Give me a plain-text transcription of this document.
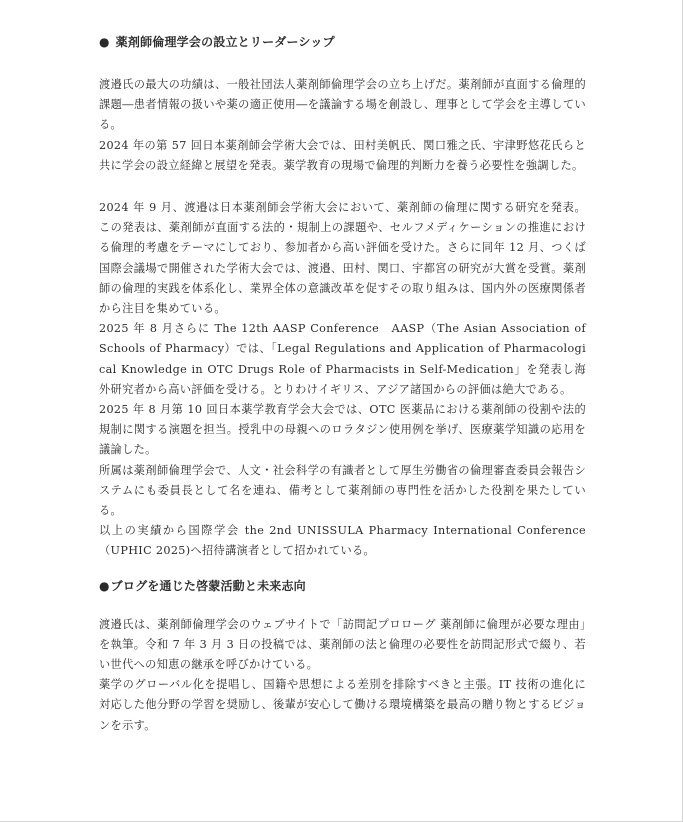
● 薬剤師倫理学会の設立とリーダーシップ

渡邉氏の最大の功績は、一般社団法人薬剤師倫理学会の立ち上げだ。薬剤師が直面する倫理的課題―患者情報の扱いや薬の適正使用―を議論する場を創設し、理事として学会を主導している。

2024 年の第 57 回日本薬剤師会学術大会では、田村美帆氏、関口雅之氏、宇津野悠花氏らと共に学会の設立経緯と展望を発表。薬学教育の現場で倫理的判断力を養う必要性を強調した。

2024 年 9 月、渡邉は日本薬剤師会学術大会において、薬剤師の倫理に関する研究を発表。この発表は、薬剤師が直面する法的・規制上の課題や、セルフメディケーションの推進における倫理的考慮をテーマにしており、参加者から高い評価を受けた。さらに同年 12 月、つくば国際会議場で開催された学術大会では、渡邉、田村、関口、宇都宮の研究が大賞を受賞。薬剤師の倫理的実践を体系化し、業界全体の意識改革を促すその取り組みは、国内外の医療関係者から注目を集めている。

2025 年 8 月さらに The 12th AASP Conference　AASP（The Asian Association of Schools of Pharmacy）では、「Legal Regulations and Application of Pharmacological Knowledge in OTC Drugs Role of Pharmacists in Self-Medication」を発表し海外研究者から高い評価を受ける。とりわけイギリス、アジア諸国からの評価は絶大である。

2025 年 8 月第 10 回日本薬学教育学会大会では、OTC 医薬品における薬剤師の役割や法的規制に関する演題を担当。授乳中の母親へのロラタジン使用例を挙げ、医療薬学知識の応用を議論した。

所属は薬剤師倫理学会で、人文・社会科学の有識者として厚生労働省の倫理審査委員会報告システムにも委員長として名を連ね、備考として薬剤師の専門性を活かした役割を果たしている。

以上の実績から国際学会 the 2nd UNISSULA Pharmacy International Conference（UPHIC 2025)へ招待講演者として招かれている。

●ブログを通じた啓蒙活動と未来志向

渡邉氏は、薬剤師倫理学会のウェブサイトで「訪問記プロローグ 薬剤師に倫理が必要な理由」を執筆。令和 7 年 3 月 3 日の投稿では、薬剤師の法と倫理の必要性を訪問記形式で綴り、若い世代への知恵の継承を呼びかけている。

薬学のグローバル化を提唱し、国籍や思想による差別を排除すべきと主張。IT 技術の進化に対応した他分野の学習を奨励し、後輩が安心して働ける環境構築を最高の贈り物とするビジョンを示す。
